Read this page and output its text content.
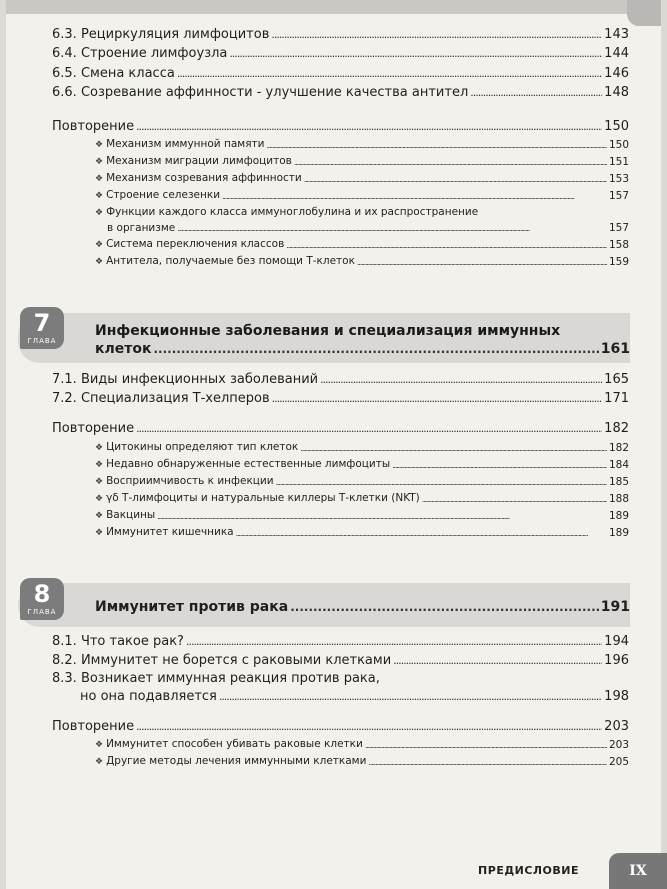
6.3. Рециркуляция лимфоцитов .....	143
6.4. Строение лимфоузла .....	144
6.5. Смена класса .....	146
6.6. Созревание аффинности - улучшение качества антител .....	148
Повторение .....	150
❖ Механизм иммунной памяти .....	150
❖ Механизм миграции лимфоцитов .....	151
❖ Механизм созревания аффинности .....	153
❖ Строение селезенки .....	157
❖ Функции каждого класса иммуноглобулина и их распространение
в организме .....	157
❖ Система переключения классов .....	158
❖ Антитела, получаемые без помощи Т-клеток .....	159
7
ГЛАВА
Инфекционные заболевания и специализация иммунных
клеток .....	161
7.1. Виды инфекционных заболеваний .....	165
7.2. Специализация Т-хелперов .....	171
Повторение .....	182
❖ Цитокины определяют тип клеток .....	182
❖ Недавно обнаруженные естественные лимфоциты .....	184
❖ Восприимчивость к инфекции .....	185
❖ γδ Т-лимфоциты и натуральные киллеры Т-клетки (NKT) .....	188
❖ Вакцины .....	189
❖ Иммунитет кишечника .....	189
8
ГЛАВА	Иммунитет против рака .....	191
8.1. Что такое рак? .....	194
8.2. Иммунитет не борется с раковыми клетками .....	196
8.3. Возникает иммунная реакция против рака,
но она подавляется .....	198
Повторение .....	203
❖ Иммунитет способен убивать раковые клетки .....	203
❖ Другие методы лечения иммунными клетками .....	205
ПРЕДИСЛОВИЕ	IX
